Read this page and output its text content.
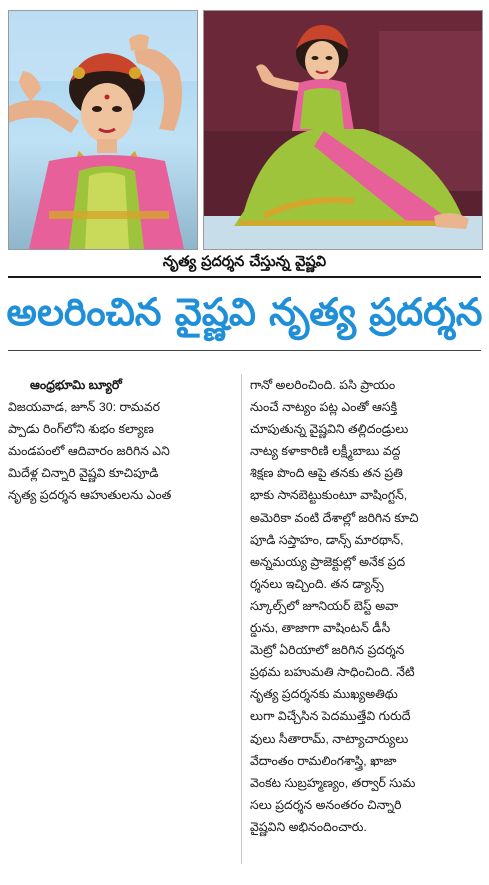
నృత్య ప్రదర్శన చేస్తున్న వైష్ణవి
అలరించిన వైష్ణవి నృత్య ప్రదర్శన
ఆంధ్రభూమి బ్యూరో
విజయవాడ, జూన్ 30: రామవర
ప్పాడు రింగ్‌లోని శుభం కల్యాణ
మండపంలో ఆదివారం జరిగిన ఎని
మిదేళ్ల చిన్నారి వైష్ణవి కూచిపూడి
నృత్య ప్రదర్శన ఆహుతులను ఎంత
గానో అలరించింది. పసి ప్రాయం
నుంచే నాట్యం పట్ల ఎంతో ఆసక్తి
చూపుతున్న వైష్ణవిని తల్లిదండ్రులు
నాట్య కళాకారిణి లక్ష్మీబాబు వద్ద
శిక్షణ పొంది ఆపై తనకు తన ప్రతి
భాకు సానబెట్టుకుంటూ వాషింగ్టన్,
అమెరికా వంటి దేశాల్లో జరిగిన కూచి
పూడి సప్తాహం, డాన్స్ మారథాన్,
అన్నమయ్య ప్రాజెక్టుల్లో అనేక ప్రద
ర్శనలు ఇచ్చింది. తన డ్యాన్స్
స్కూల్స్‌లో జూనియర్ బెస్ట్ అవా
ర్డును, తాజాగా వాషింటన్ డీసీ
మెట్రో ఏరియాలో జరిగిన ప్రదర్శన
ప్రథమ బహుమతి సాధించింది. నేటి
నృత్య ప్రదర్శనకు ముఖ్యఅతిథు
లుగా విచ్చేసిన పెదముత్తేవి గురుదే
వులు సీతారామ్, నాట్యాచార్యులు
వేదాంతం రామలింగశాస్త్రి, ఖాజా
వెంకట సుబ్రహ్మణ్యం, తర్వార్ సుమ
సలు ప్రదర్శన అనంతరం చిన్నారి
వైష్ణవిని అభినందించారు.
